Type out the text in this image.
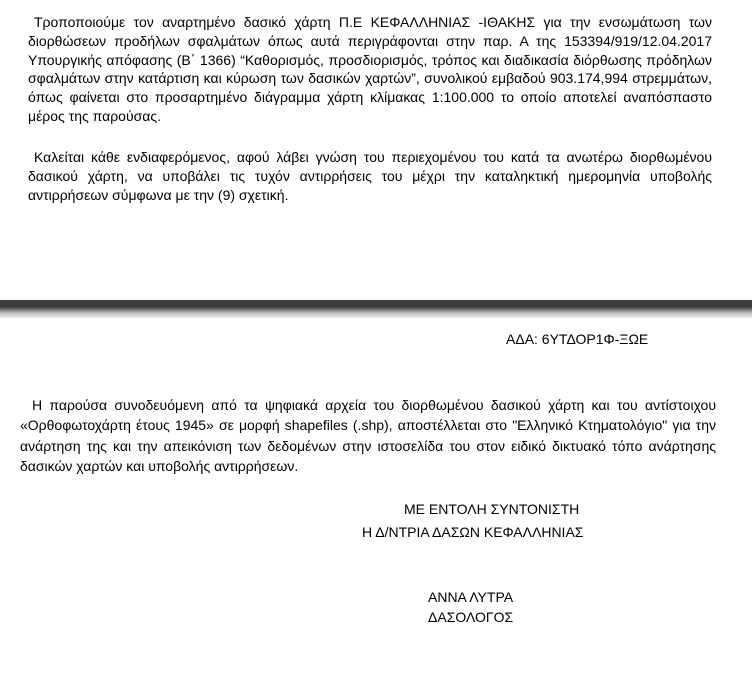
Τροποποιούμε τον αναρτημένο δασικό χάρτη Π.Ε ΚΕΦΑΛΛΗΝΙΑΣ -ΙΘΑΚΗΣ για την ενσωμάτωση των διορθώσεων προδήλων σφαλμάτων όπως αυτά περιγράφονται στην παρ. Α της 153394/919/12.04.2017 Υπουργικής απόφασης (Β΄ 1366) “Καθορισμός, προσδιορισμός, τρόπος και διαδικασία διόρθωσης πρόδηλων σφαλμάτων στην κατάρτιση και κύρωση των δασικών χαρτών”, συνολικού εμβαδού 903.174,994 στρεμμάτων, όπως φαίνεται στο προσαρτημένο διάγραμμα χάρτη κλίμακας 1:100.000 το οποίο αποτελεί αναπόσπαστο μέρος της παρούσας.

Καλείται κάθε ενδιαφερόμενος, αφού λάβει γνώση του περιεχομένου του κατά τα ανωτέρω διορθωμένου δασικού χάρτη, να υποβάλει τις τυχόν αντιρρήσεις του μέχρι την καταληκτική ημερομηνία υποβολής αντιρρήσεων σύμφωνα με την (9) σχετική.

ΑΔΑ: 6ΥΤΔΟΡ1Φ-ΞΩΕ

Η παρούσα συνοδευόμενη από τα ψηφιακά αρχεία του διορθωμένου δασικού χάρτη και του αντίστοιχου «Ορθοφωτοχάρτη έτους 1945» σε μορφή shapefiles (.shp), αποστέλλεται στο "Ελληνικό Κτηματολόγιο" για την ανάρτηση της και την απεικόνιση των δεδομένων στην ιστοσελίδα του στον ειδικό δικτυακό τόπο ανάρτησης δασικών χαρτών και υποβολής αντιρρήσεων.

ΜΕ ΕΝΤΟΛΗ ΣΥΝΤΟΝΙΣΤΗ
Η Δ/ΝΤΡΙΑ ΔΑΣΩΝ ΚΕΦΑΛΛΗΝΙΑΣ
ΑΝΝΑ ΛΥΤΡΑ
ΔΑΣΟΛΟΓΟΣ
